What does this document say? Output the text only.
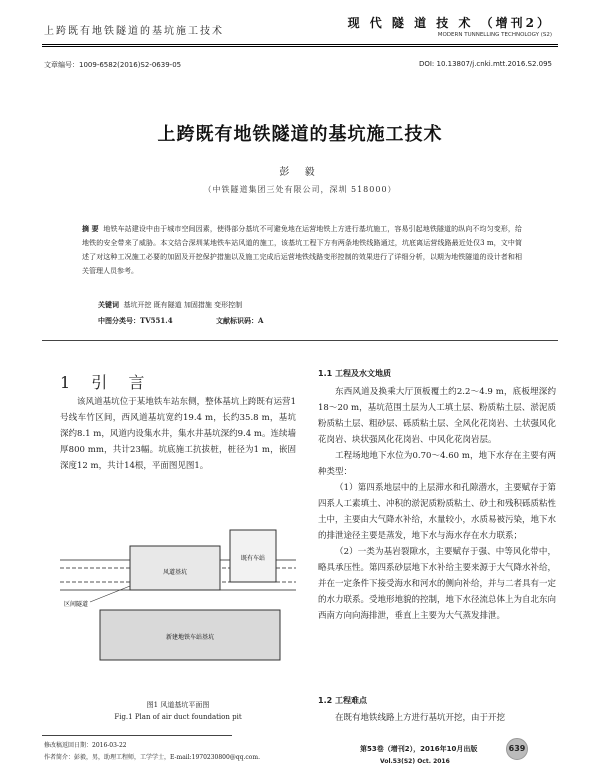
上跨既有地铁隧道的基坑施工技术
现 代 隧 道 技 术 （增刊2）
MODERN TUNNELLING TECHNOLOGY (S2)
文章编号：1009-6582(2016)S2-0639-05	DOI: 10.13807/j.cnki.mtt.2016.S2.095
上跨既有地铁隧道的基坑施工技术
彭 毅
（中铁隧道集团三处有限公司，深圳 518000）
摘 要 地铁车站建设中由于城市空间因素，使得部分基坑不可避免地在运营地铁上方进行基坑施工，容易引起地铁隧道的纵向不均匀变形，给地铁的安全带来了威胁。本文结合深圳某地铁车站风道的施工，该基坑工程下方有两条地铁线路通过，坑底离运营线路最近处仅3 m，文中简述了对这种工况施工必要的加固及开挖保护措施以及施工完成后运营地铁线路变形控制的效果进行了详细分析，以期为地铁隧道的设计者和相关管理人员参考。
关键词 基坑开挖 既有隧道 加固措施 变形控制
中图分类号：TV551.4	文献标识码：A
1 引 言

该风道基坑位于某地铁车站东侧，整体基坑上跨既有运营1号线车竹区间，西风道基坑宽约19.4 m，长约35.8 m，基坑深约8.1 m，风道内设集水井，集水井基坑深约9.4 m。连续墙厚800 mm，共计23幅。坑底施工抗拔桩，桩径为1 m，嵌固深度12 m，共计14根，平面图见图1。

风道基坑
既有车站
区间隧道
新建地铁车站基坑
图1 风道基坑平面图
Fig.1 Plan of air duct foundation pit
1.1 工程及水文地质

东西风道及换乘大厅顶板覆土约2.2～4.9 m，底板埋深约18～20 m，基坑范围土层为人工填土层、粉质粘土层、淤泥质粉质粘土层、粗砂层、砾质粘土层、全风化花岗岩、土状强风化花岗岩、块状强风化花岗岩、中风化花岗岩层。

工程场地地下水位为0.70～4.60 m，地下水存在主要有两种类型：

（1）第四系地层中的上层滞水和孔隙潜水，主要赋存于第四系人工素填土、冲积的淤泥质粉质粘土、砂土和残积砾质粘性土中，主要由大气降水补给，水量较小，水质易被污染，地下水的排泄途径主要是蒸发，地下水与海水存在水力联系；

（2）一类为基岩裂隙水，主要赋存于强、中等风化带中，略具承压性。第四系砂层地下水补给主要来源于大气降水补给，并在一定条件下接受海水和河水的侧向补给，并与二者具有一定的水力联系。受地形地貌的控制，地下水径流总体上为自北东向西南方向向海排泄，垂直上主要为大气蒸发排泄。

1.2 工程难点

在既有地铁线路上方进行基坑开挖，由于开挖

修改稿返回日期：2016-03-22
作者简介：彭毅，男，助理工程师，工学学士，E-mail:1970230800@qq.com.
第53卷（增刊2），2016年10月出版	639
Vol.53(S2) Oct. 2016
